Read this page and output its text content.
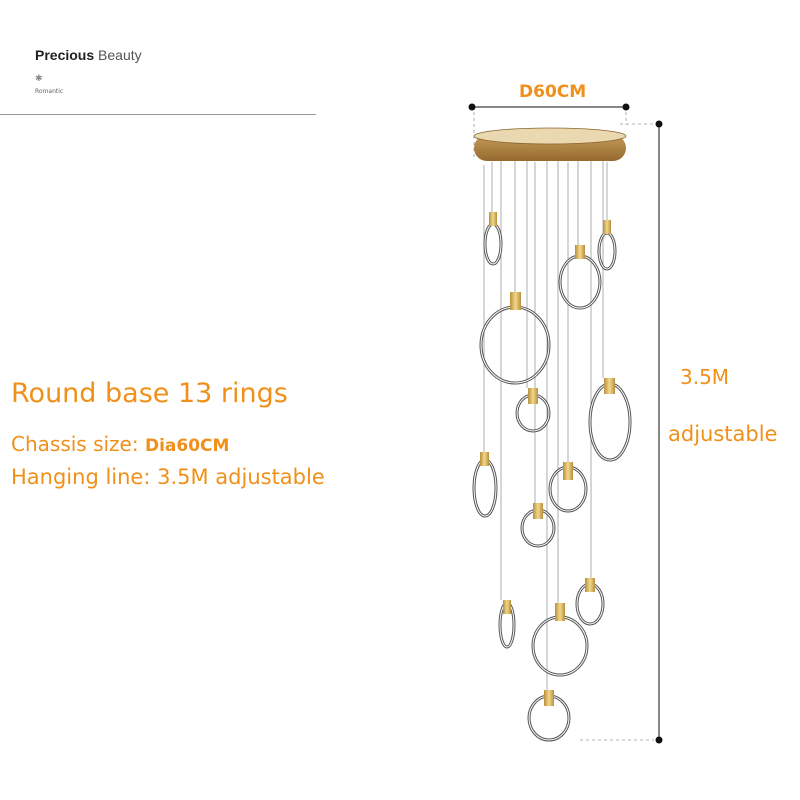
Precious Beauty
✱
Romantic
Round base 13 rings
Chassis size: Dia60CM
Hanging line: 3.5M adjustable
D60CM
3.5M
adjustable
